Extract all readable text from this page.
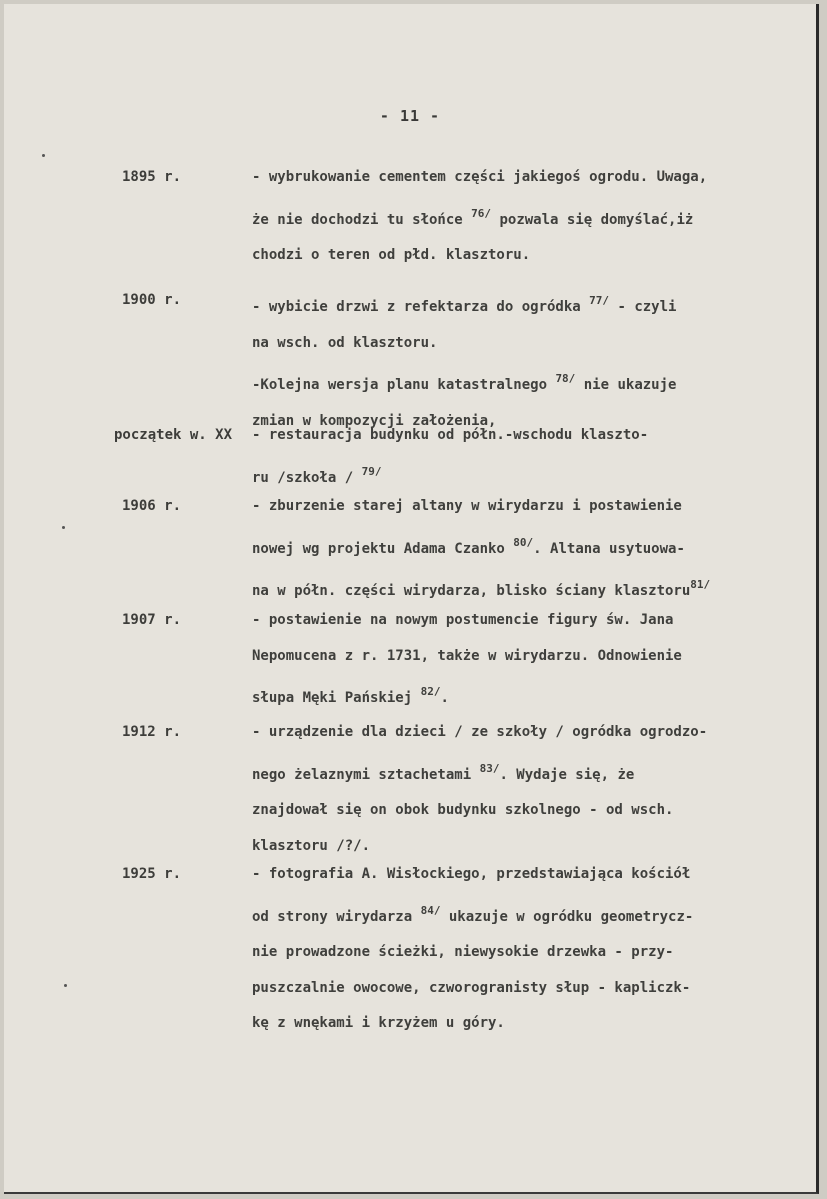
- 11 -
1895 r.	- wybrukowanie cementem części jakiegoś ogrodu. Uwaga,
że nie dochodzi tu słońce $^{76/}$ pozwala się domyślać,iż
chodzi o teren od płd. klasztoru.
1900 r.	- wybicie drzwi z refektarza do ogródka $^{77/}$ - czyli
na wsch. od klasztoru.
-Kolejna wersja planu katastralnego $^{78/}$ nie ukazuje
zmian w kompozycji założenia,
początek w. XX - restauracja budynku od półn.-wschodu klaszto-
ru /szkoła / $^{79/}$
1906 r.	- zburzenie starej altany w wirydarzu i postawienie
nowej wg projektu Adama Czanko $^{80/}$. Altana usytuowa-
na w półn. części wirydarza, blisko ściany klasztoru$^{81/}$
1907 r.	- postawienie na nowym postumencie figury św. Jana
Nepomucena z r. 1731, także w wirydarzu. Odnowienie
słupa Męki Pańskiej $^{82/}$.
1912 r.	- urządzenie dla dzieci / ze szkoły / ogródka ogrodzo-
nego żelaznymi sztachetami $^{83/}$. Wydaje się, że
znajdował się on obok budynku szkolnego - od wsch.
klasztoru /?/.
1925 r.	- fotografia A. Wisłockiego, przedstawiająca kościół
od strony wirydarza $^{84/}$ ukazuje w ogródku geometrycz-
nie prowadzone ścieżki, niewysokie drzewka - przy-
puszczalnie owocowe, czworogranisty słup - kapliczk-
kę z wnękami i krzyżem u góry.
